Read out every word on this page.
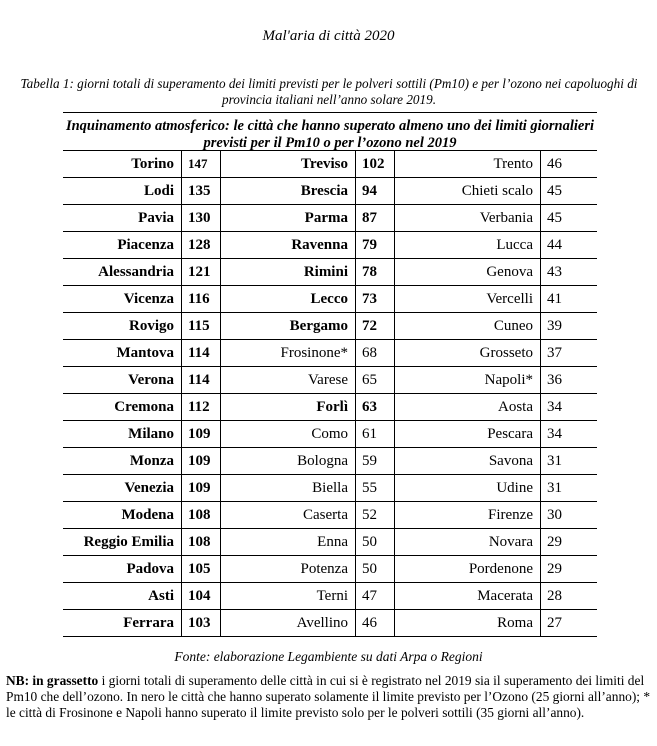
Mal'aria di città 2020
Tabella 1: giorni totali di superamento dei limiti previsti per le polveri sottili (Pm10) e per l’ozono nei capoluoghi di provincia italiani nell’anno solare 2019.
Inquinamento atmosferico: le città che hanno superato almeno uno dei limiti giornalieri previsti per il Pm10 o per l’ozono nel 2019
Torino	147	Treviso 102	Trento 46
Lodi 135	Brescia 94	Chieti scalo 45
Pavia 130	Parma 87	Verbania 45
Piacenza 128	Ravenna 79	Lucca 44
Alessandria 121	Rimini 78	Genova 43
Vicenza 116	Lecco 73	Vercelli 41
Rovigo 115	Bergamo 72	Cuneo 39
Mantova 114	Frosinone* 68	Grosseto 37
Verona 114	Varese 65	Napoli* 36
Cremona 112	Forlì 63	Aosta 34
Milano 109	Como 61	Pescara 34
Monza 109	Bologna 59	Savona 31
Venezia 109	Biella 55	Udine 31
Modena 108	Caserta 52	Firenze 30
Reggio Emilia 108	Enna 50	Novara 29
Padova 105	Potenza 50	Pordenone 29
Asti 104	Terni 47	Macerata 28
Ferrara 103	Avellino 46	Roma 27
Fonte: elaborazione Legambiente su dati Arpa o Regioni
NB: in grassetto i giorni totali di superamento delle città in cui si è registrato nel 2019 sia il superamento dei limiti del Pm10 che dell’ozono. In nero le città che hanno superato solamente il limite previsto per l’Ozono (25 giorni all’anno); * le città di Frosinone e Napoli hanno superato il limite previsto solo per le polveri sottili (35 giorni all’anno).
